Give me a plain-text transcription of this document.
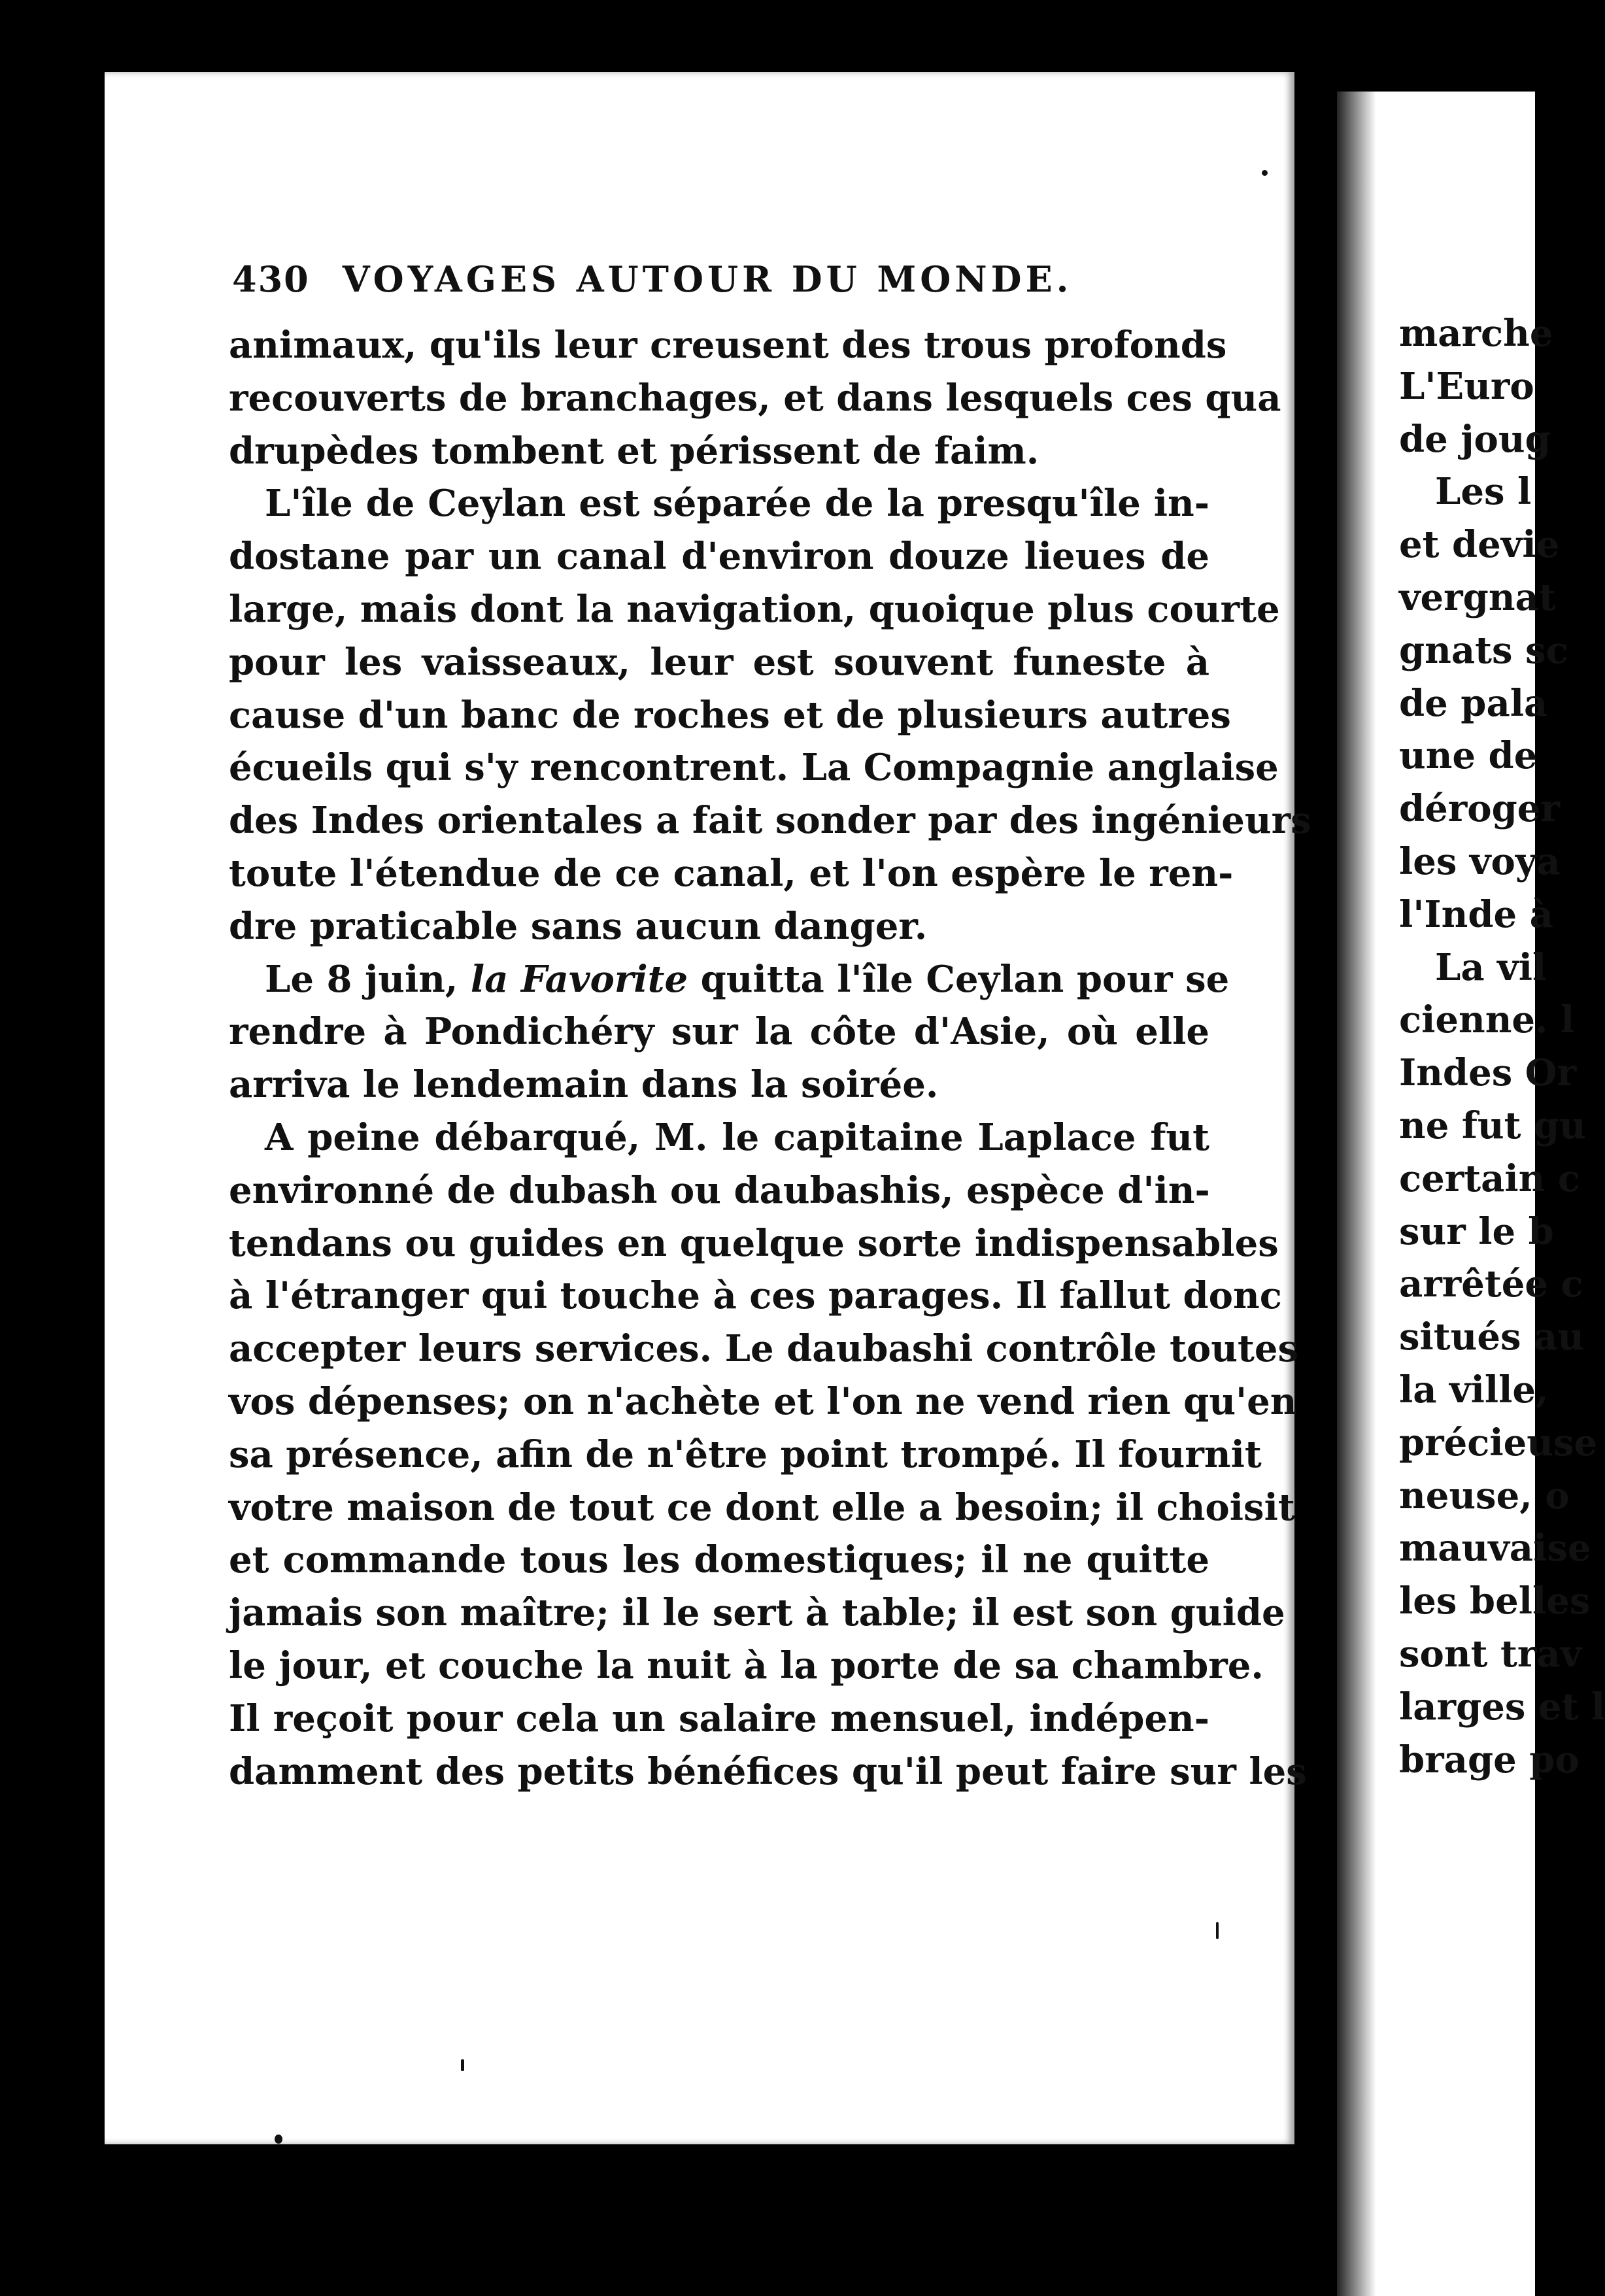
430 VOYAGES AUTOUR DU MONDE.
animaux, qu'ils leur creusent des trous profonds
recouverts de branchages, et dans lesquels ces qua
drupèdes tombent et périssent de faim.
L'île de Ceylan est séparée de la presqu'île in-
dostane par un canal d'environ douze lieues de
large, mais dont la navigation, quoique plus courte
pour les vaisseaux, leur est souvent funeste à
cause d'un banc de roches et de plusieurs autres
écueils qui s'y rencontrent. La Compagnie anglaise
des Indes orientales a fait sonder par des ingénieurs
toute l'étendue de ce canal, et l'on espère le ren-
dre praticable sans aucun danger.
Le 8 juin, la Favorite quitta l'île Ceylan pour se
rendre à Pondichéry sur la côte d'Asie, où elle
arriva le lendemain dans la soirée.
A peine débarqué, M. le capitaine Laplace fut
environné de dubash ou daubashis, espèce d'in-
tendans ou guides en quelque sorte indispensables
à l'étranger qui touche à ces parages. Il fallut donc
accepter leurs services. Le daubashi contrôle toutes
vos dépenses; on n'achète et l'on ne vend rien qu'en
sa présence, afin de n'être point trompé. Il fournit
votre maison de tout ce dont elle a besoin; il choisit
et commande tous les domestiques; il ne quitte
jamais son maître; il le sert à table; il est son guide
le jour, et couche la nuit à la porte de sa chambre.
Il reçoit pour cela un salaire mensuel, indépen-
damment des petits bénéfices qu'il peut faire sur les
marche
L'Euro
de joug
Les l
et devie
vergnat
gnats sc
de pala
une de
déroger
les voya
l'Inde à
La vil
cienne. l
Indes Or
ne fut gu
certain c
sur le b
arrêtée c
situés au
la ville,
précieuse
neuse, o
mauvaise
les belles
sont trav
larges et l
brage po
